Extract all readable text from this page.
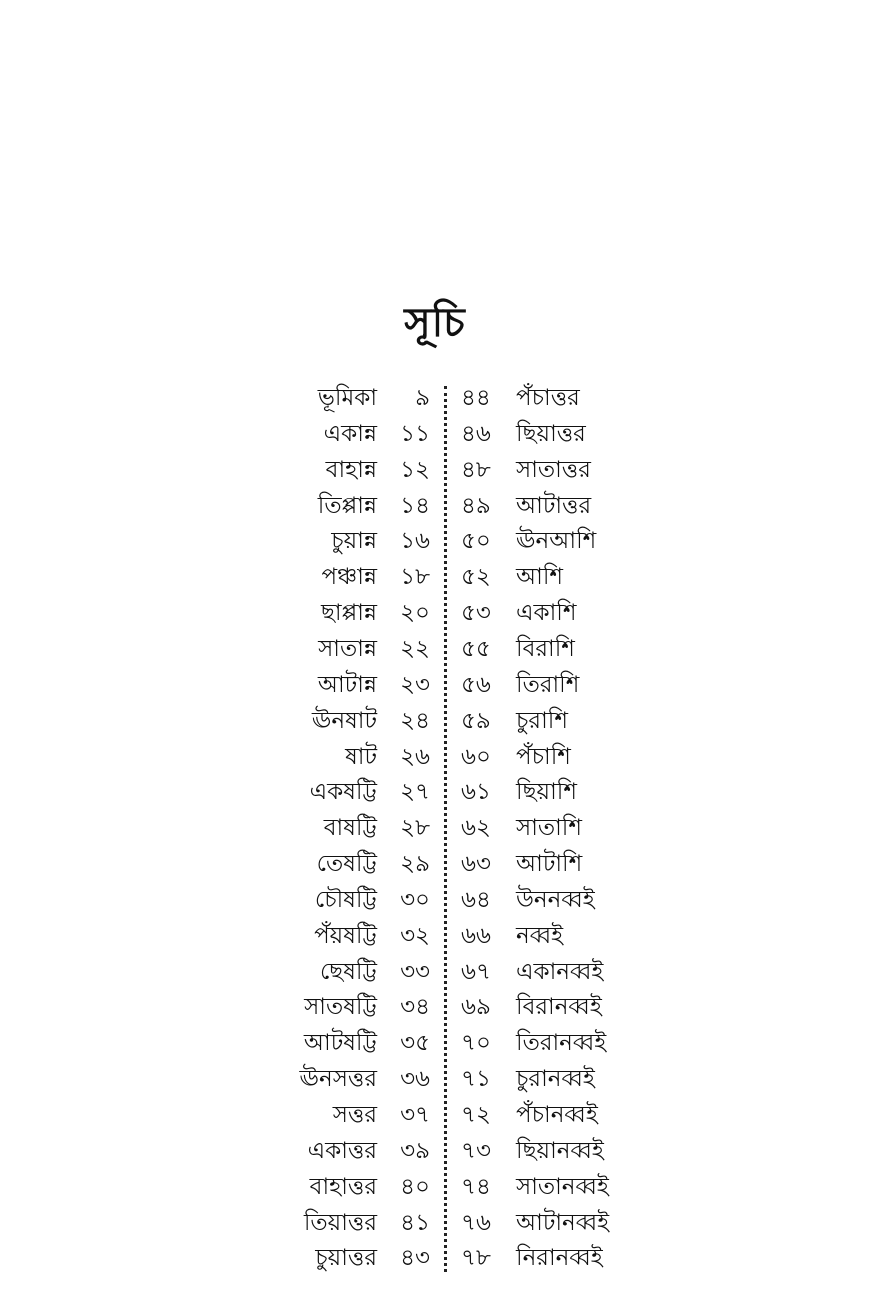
সূচি
ভূমিকা ৯ ৪৪	পঁচাত্তর
একান্ন ১১ ৪৬	ছিয়াত্তর
বাহান্ন ১২ ৪৮	সাতাত্তর
তিপ্পান্ন ১৪ ৪৯	আটাত্তর
চুয়ান্ন ১৬ ৫০	ঊনআশি
পঞ্চান্ন ১৮ ৫২	আশি
ছাপ্পান্ন ২০ ৫৩	একাশি
সাতান্ন ২২ ৫৫	বিরাশি
আটান্ন ২৩ ৫৬	তিরাশি
ঊনষাট ২৪ ৫৯	চুরাশি
ষাট ২৬ ৬০	পঁচাশি
একষট্টি ২৭ ৬১	ছিয়াশি
বাষট্টি ২৮ ৬২	সাতাশি
তেষট্টি ২৯ ৬৩	আটাশি
চৌষট্টি ৩০ ৬৪	উননব্বই
পঁয়ষট্টি ৩২ ৬৬	নব্বই
ছেষট্টি ৩৩ ৬৭	একানব্বই
সাতষট্টি ৩৪ ৬৯	বিরানব্বই
আটষট্টি ৩৫ ৭০	তিরানব্বই
ঊনসত্তর ৩৬ ৭১	চুরানব্বই
সত্তর ৩৭ ৭২	পঁচানব্বই
একাত্তর ৩৯ ৭৩	ছিয়ানব্বই
বাহাত্তর ৪০ ৭৪	সাতানব্বই
তিয়াত্তর ৪১ ৭৬	আটানব্বই
চুয়াত্তর ৪৩ ৭৮	নিরানব্বই
